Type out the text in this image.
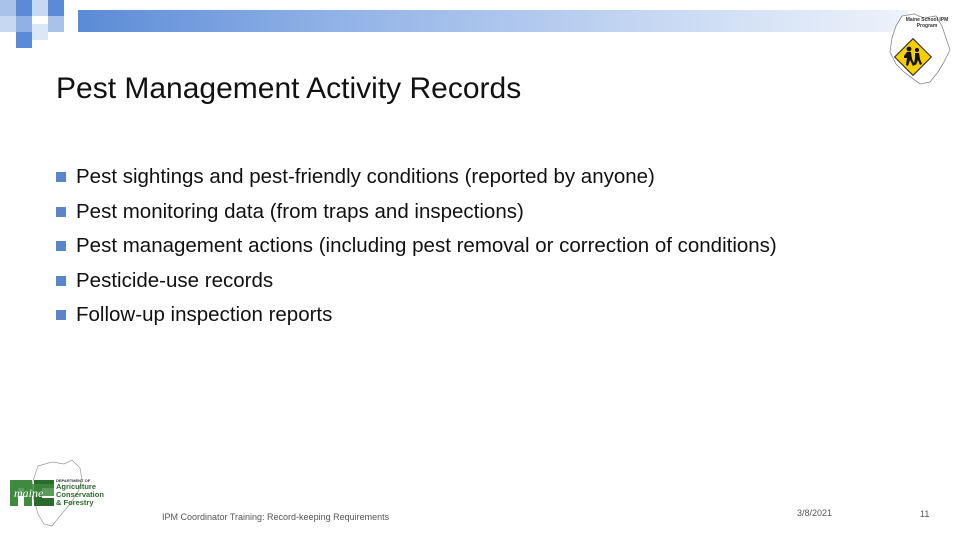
Maine School IPM Program
Pest Management Activity Records
Pest sightings and pest-friendly conditions (reported by anyone)
Pest monitoring data (from traps and inspections)
Pest management actions (including pest removal or correction of conditions)
Pesticide-use records
Follow-up inspection reports
maine
DEPARTMENT OF
Agriculture
Conservation
& Forestry
IPM Coordinator Training: Record-keeping Requirements	3/8/2021	11
